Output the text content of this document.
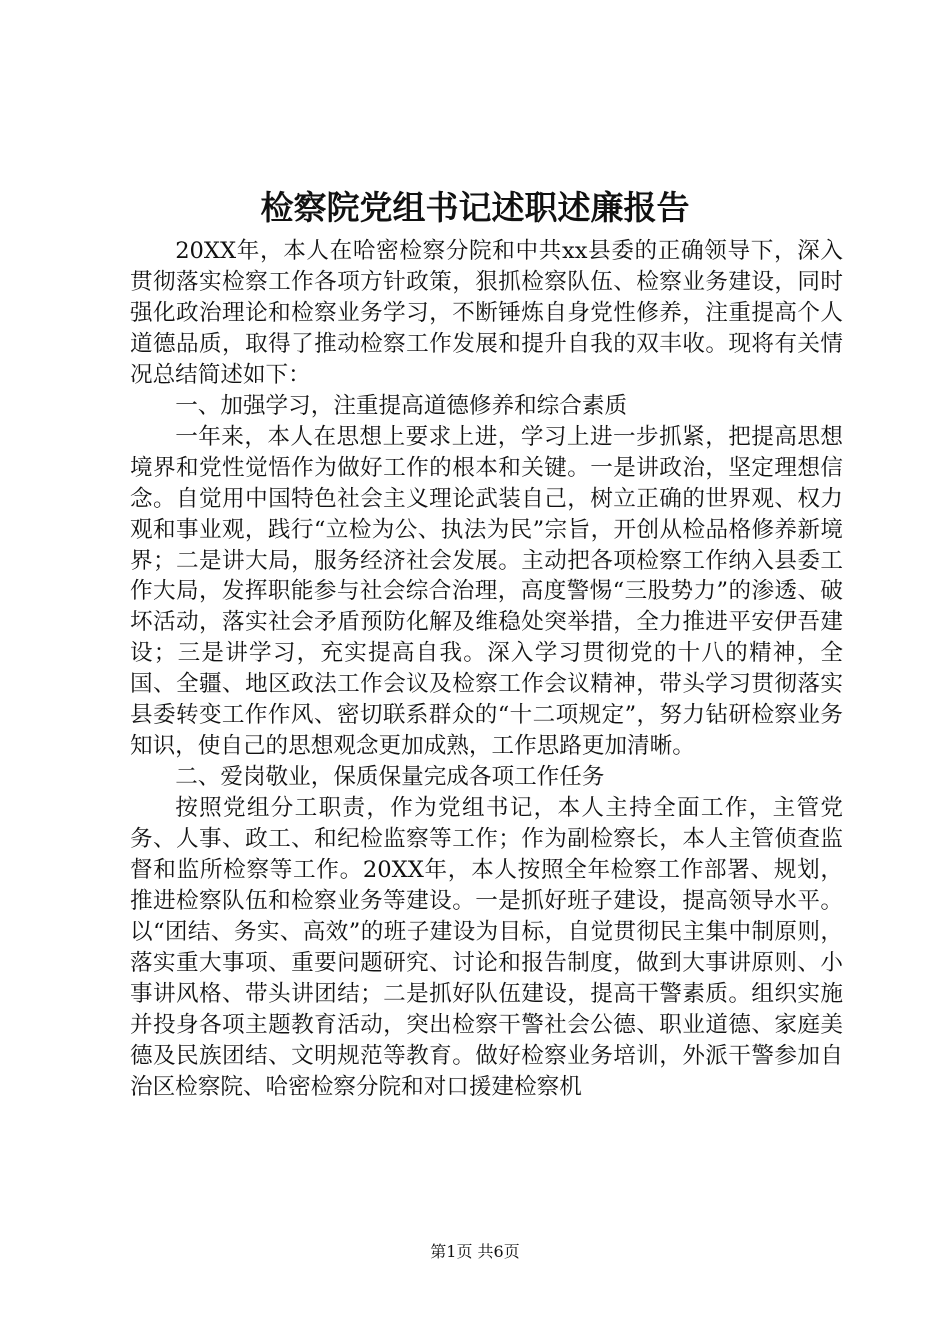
检察院党组书记述职述廉报告

20XX年，本人在哈密检察分院和中共xx县委的正确领导下，深入贯彻落实检察工作各项方针政策，狠抓检察队伍、检察业务建设，同时强化政治理论和检察业务学习，不断锤炼自身党性修养，注重提高个人道德品质，取得了推动检察工作发展和提升自我的双丰收。现将有关情况总结简述如下：

一、加强学习，注重提高道德修养和综合素质

一年来，本人在思想上要求上进，学习上进一步抓紧，把提高思想境界和党性觉悟作为做好工作的根本和关键。一是讲政治，坚定理想信念。自觉用中国特色社会主义理论武装自己，树立正确的世界观、权力观和事业观，践行“立检为公、执法为民”宗旨，开创从检品格修养新境界；二是讲大局，服务经济社会发展。主动把各项检察工作纳入县委工作大局，发挥职能参与社会综合治理，高度警惕“三股势力”的渗透、破坏活动，落实社会矛盾预防化解及维稳处突举措，全力推进平安伊吾建设；三是讲学习，充实提高自我。深入学习贯彻党的十八的精神，全国、全疆、地区政法工作会议及检察工作会议精神，带头学习贯彻落实县委转变工作作风、密切联系群众的“十二项规定”，努力钻研检察业务知识，使自己的思想观念更加成熟，工作思路更加清晰。

二、爱岗敬业，保质保量完成各项工作任务

按照党组分工职责，作为党组书记，本人主持全面工作，主管党务、人事、政工、和纪检监察等工作；作为副检察长，本人主管侦查监督和监所检察等工作。20XX年，本人按照全年检察工作部署、规划，推进检察队伍和检察业务等建设。一是抓好班子建设，提高领导水平。以“团结、务实、高效”的班子建设为目标，自觉贯彻民主集中制原则，落实重大事项、重要问题研究、讨论和报告制度，做到大事讲原则、小事讲风格、带头讲团结；二是抓好队伍建设，提高干警素质。组织实施并投身各项主题教育活动，突出检察干警社会公德、职业道德、家庭美德及民族团结、文明规范等教育。做好检察业务培训，外派干警参加自治区检察院、哈密检察分院和对口援建检察机

第1页 共6页
